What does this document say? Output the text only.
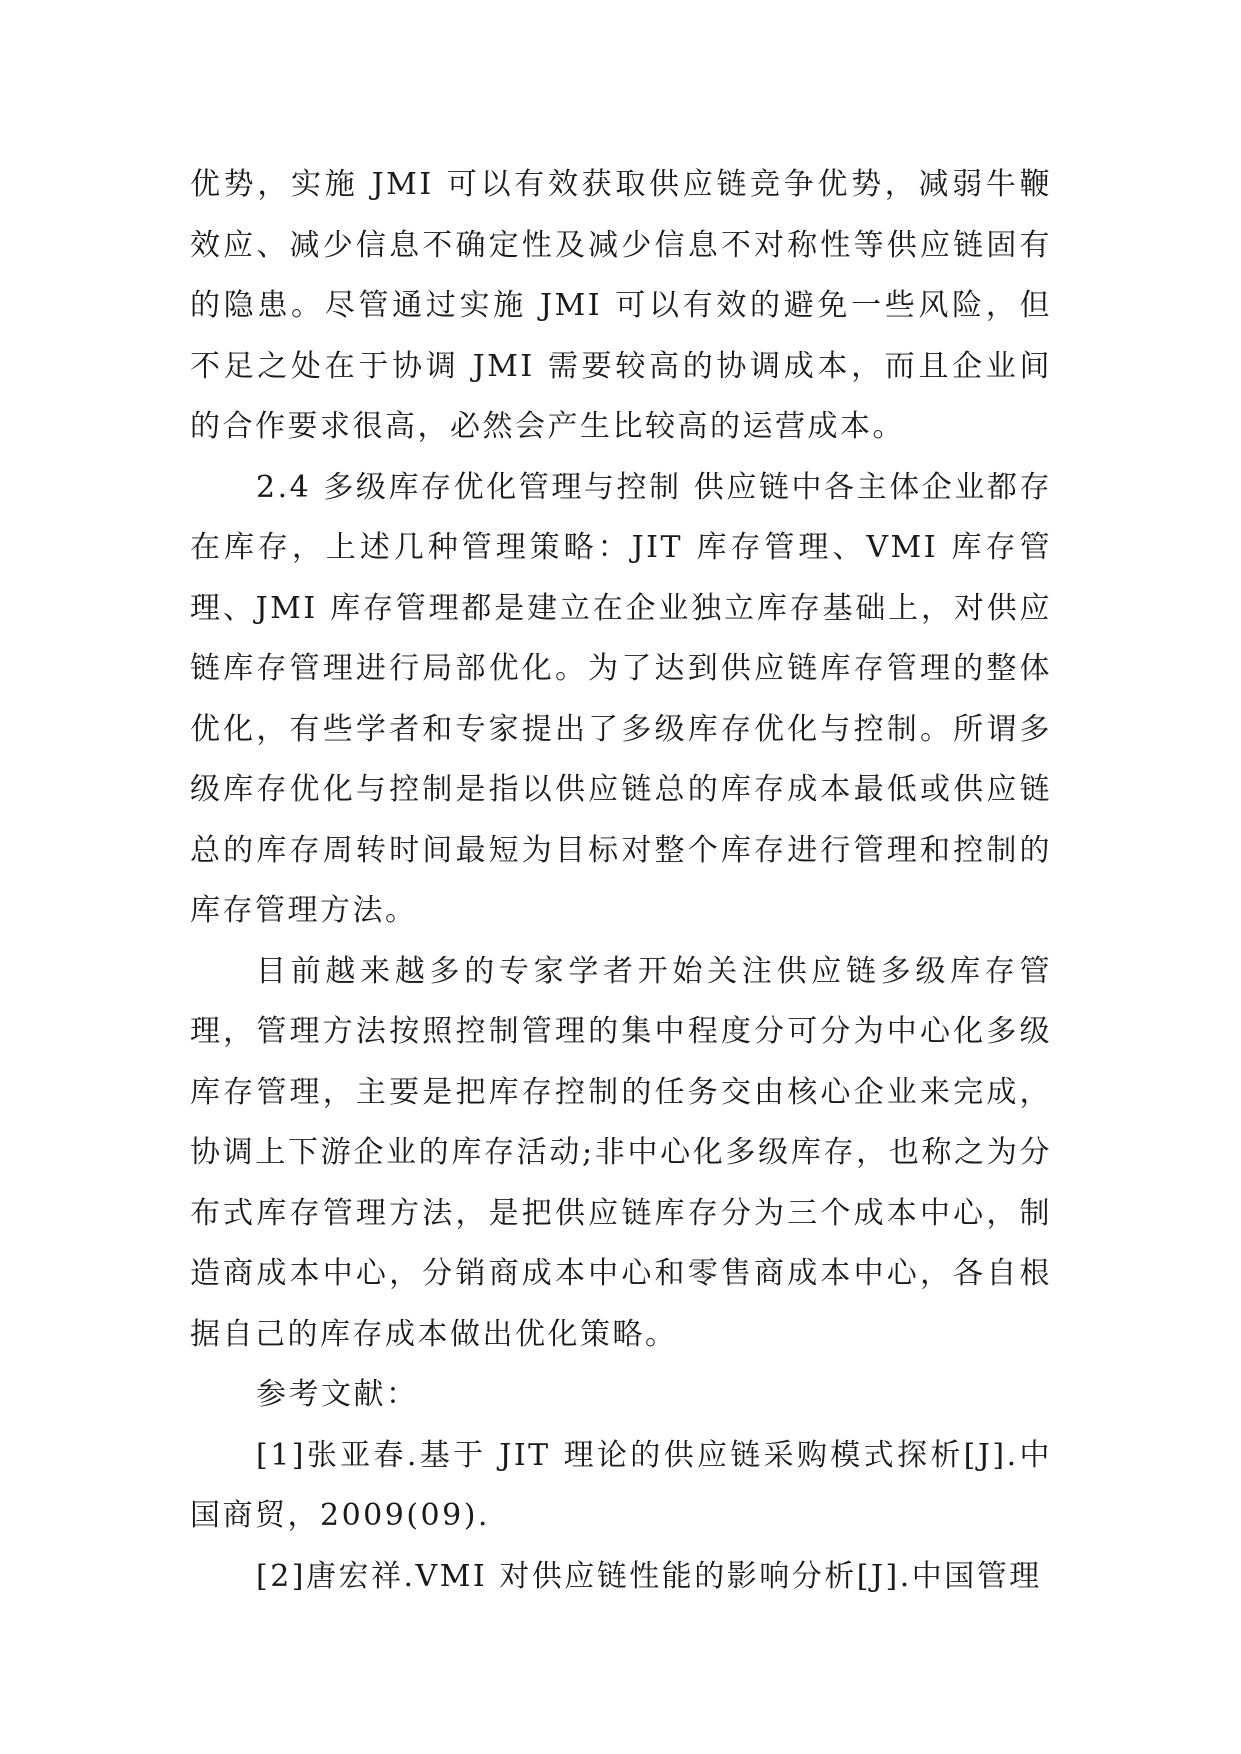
优势，实施 JMI 可以有效获取供应链竞争优势，减弱牛鞭效应、减少信息不确定性及减少信息不对称性等供应链固有的隐患。尽管通过实施 JMI 可以有效的避免一些风险，但不足之处在于协调 JMI 需要较高的协调成本，而且企业间的合作要求很高，必然会产生比较高的运营成本。

2.4 多级库存优化管理与控制 供应链中各主体企业都存在库存，上述几种管理策略：JIT 库存管理、VMI 库存管理、JMI 库存管理都是建立在企业独立库存基础上，对供应链库存管理进行局部优化。为了达到供应链库存管理的整体优化，有些学者和专家提出了多级库存优化与控制。所谓多级库存优化与控制是指以供应链总的库存成本最低或供应链总的库存周转时间最短为目标对整个库存进行管理和控制的库存管理方法。

目前越来越多的专家学者开始关注供应链多级库存管理，管理方法按照控制管理的集中程度分可分为中心化多级库存管理，主要是把库存控制的任务交由核心企业来完成，协调上下游企业的库存活动;非中心化多级库存，也称之为分布式库存管理方法，是把供应链库存分为三个成本中心，制造商成本中心，分销商成本中心和零售商成本中心，各自根据自己的库存成本做出优化策略。

参考文献：

[1]张亚春.基于 JIT 理论的供应链采购模式探析[J].中国商贸，2009(09).

[2]唐宏祥.VMI 对供应链性能的影响分析[J].中国管理
